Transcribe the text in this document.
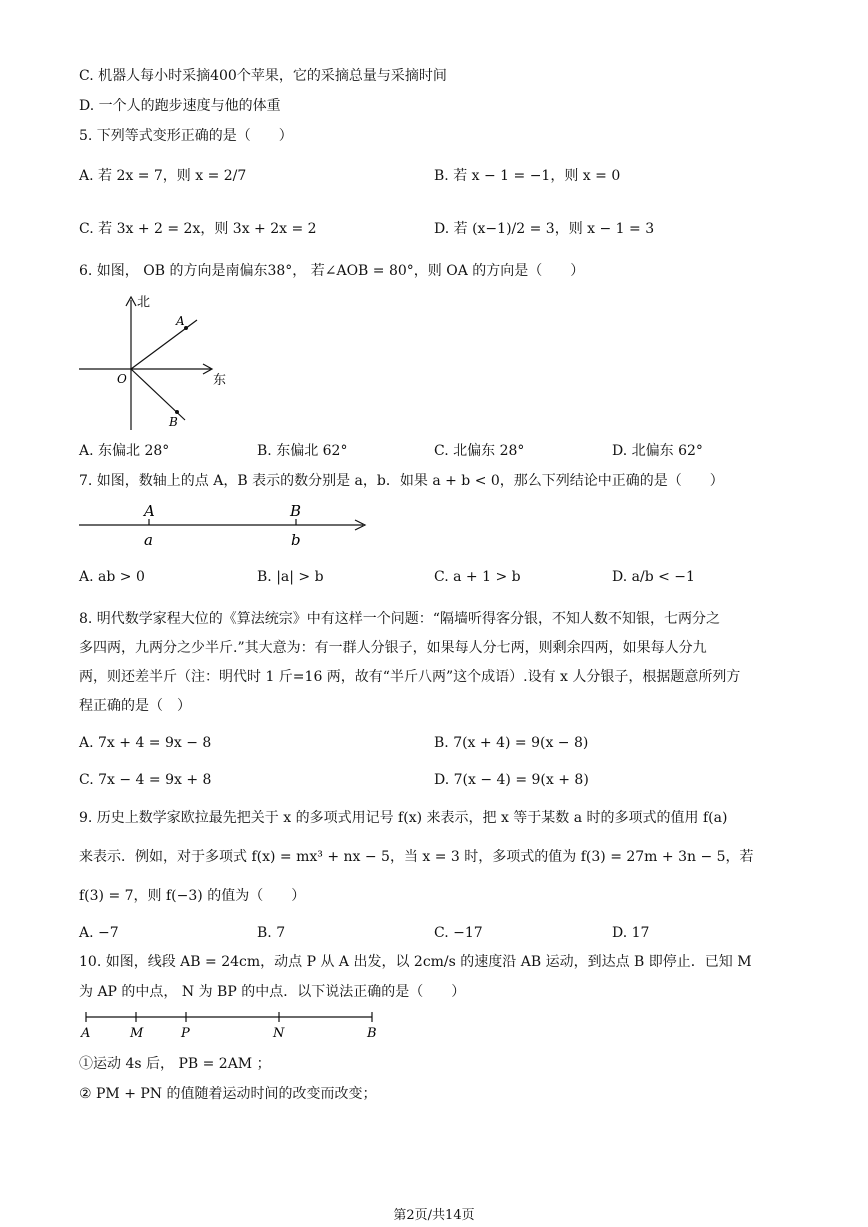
C. 机器人每小时采摘400个苹果，它的采摘总量与采摘时间
D. 一个人的跑步速度与他的体重
5. 下列等式变形正确的是（　　）
A. 若 2x = 7，则 x = 2/7	B. 若 x − 1 = −1，则 x = 0
C. 若 3x + 2 = 2x，则 3x + 2x = 2	D. 若 (x−1)/2 = 3，则 x − 1 = 3
6. 如图， OB 的方向是南偏东38°， 若∠AOB = 80°，则 OA 的方向是（　　）
北
东
O
A
B
A. 东偏北 28°	B. 东偏北 62°	C. 北偏东 28°	D. 北偏东 62°
7. 如图，数轴上的点 A，B 表示的数分别是 a，b．如果 a + b < 0，那么下列结论中正确的是（　　）
A	B
a	b
A. ab > 0	B. |a| > b	C. a + 1 > b	D. a/b < −1
8. 明代数学家程大位的《算法统宗》中有这样一个问题：“隔墙听得客分银，不知人数不知银，七两分之
多四两，九两分之少半斤.”其大意为：有一群人分银子，如果每人分七两，则剩余四两，如果每人分九
两，则还差半斤（注：明代时 1 斤=16 两，故有“半斤八两”这个成语）.设有 x 人分银子，根据题意所列方
程正确的是（　）
A. 7x + 4 = 9x − 8	B. 7(x + 4) = 9(x − 8)
C. 7x − 4 = 9x + 8	D. 7(x − 4) = 9(x + 8)
9. 历史上数学家欧拉最先把关于 x 的多项式用记号 f(x) 来表示，把 x 等于某数 a 时的多项式的值用 f(a)
来表示．例如，对于多项式 f(x) = mx³ + nx − 5，当 x = 3 时，多项式的值为 f(3) = 27m + 3n − 5，若
f(3) = 7，则 f(−3) 的值为（　　）
A. −7	B. 7	C. −17	D. 17
10. 如图，线段 AB = 24cm，动点 P 从 A 出发，以 2cm/s 的速度沿 AB 运动，到达点 B 即停止．已知 M
为 AP 的中点， N 为 BP 的中点．以下说法正确的是（　　）
A	M	P	N	B
①运动 4s 后， PB = 2AM ；
② PM + PN 的值随着运动时间的改变而改变；
第2页/共14页
